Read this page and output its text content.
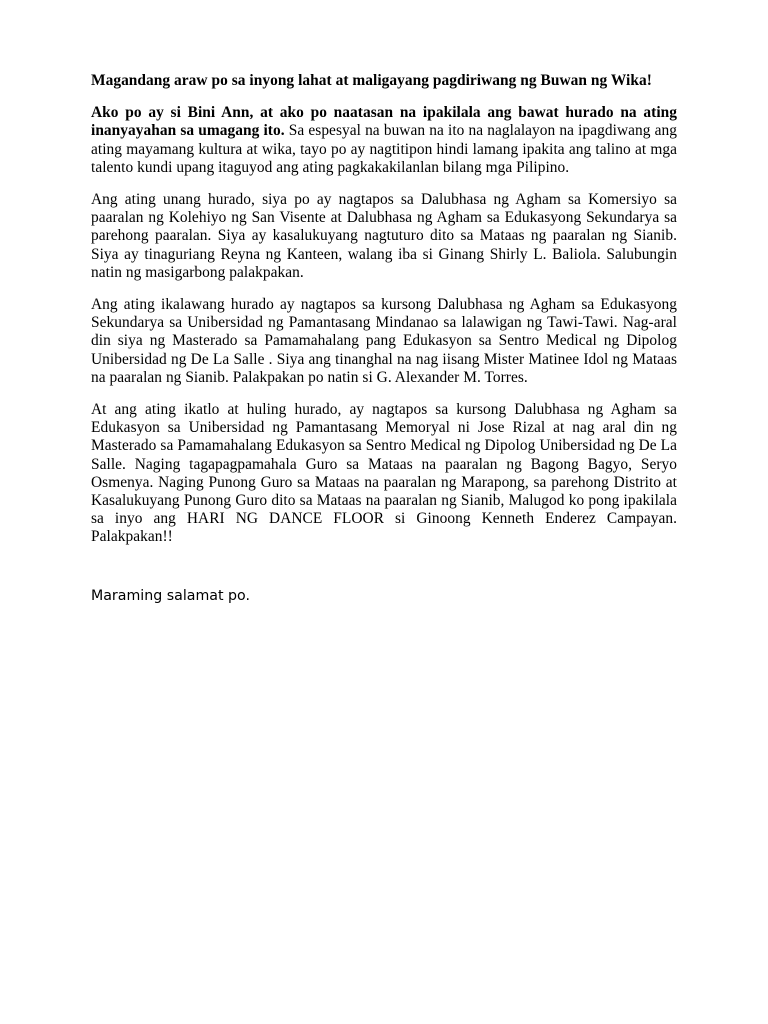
Magandang araw po sa inyong lahat at maligayang pagdiriwang ng Buwan ng Wika!

Ako po ay si Bini Ann, at ako po naatasan na ipakilala ang bawat hurado na ating inanyayahan sa umagang ito. Sa espesyal na buwan na ito na naglalayon na ipagdiwang ang ating mayamang kultura at wika, tayo po ay nagtitipon hindi lamang ipakita ang talino at mga talento kundi upang itaguyod ang ating pagkakakilanlan bilang mga Pilipino.

Ang ating unang hurado, siya po ay nagtapos sa Dalubhasa ng Agham sa Komersiyo sa paaralan ng Kolehiyo ng San Visente at Dalubhasa ng Agham sa Edukasyong Sekundarya sa parehong paaralan. Siya ay kasalukuyang nagtuturo dito sa Mataas ng paaralan ng Sianib. Siya ay tinaguriang Reyna ng Kanteen, walang iba si Ginang Shirly L. Baliola. Salubungin natin ng masigarbong palakpakan.

Ang ating ikalawang hurado ay nagtapos sa kursong Dalubhasa ng Agham sa Edukasyong Sekundarya sa Unibersidad ng Pamantasang Mindanao sa lalawigan ng Tawi-Tawi. Nag-aral din siya ng Masterado sa Pamamahalang pang Edukasyon sa Sentro Medical ng Dipolog Unibersidad ng De La Salle . Siya ang tinanghal na nag iisang Mister Matinee Idol ng Mataas na paaralan ng Sianib. Palakpakan po natin si G. Alexander M. Torres.

At ang ating ikatlo at huling hurado, ay nagtapos sa kursong Dalubhasa ng Agham sa Edukasyon sa Unibersidad ng Pamantasang Memoryal ni Jose Rizal at nag aral din ng Masterado sa Pamamahalang Edukasyon sa Sentro Medical ng Dipolog Unibersidad ng De La Salle. Naging tagapagpamahala Guro sa Mataas na paaralan ng Bagong Bagyo, Seryo Osmenya. Naging Punong Guro sa Mataas na paaralan ng Marapong, sa parehong Distrito at Kasalukuyang Punong Guro dito sa Mataas na paaralan ng Sianib, Malugod ko pong ipakilala sa inyo ang HARI NG DANCE FLOOR si Ginoong Kenneth Enderez Campayan. Palakpakan!!

Maraming salamat po.
